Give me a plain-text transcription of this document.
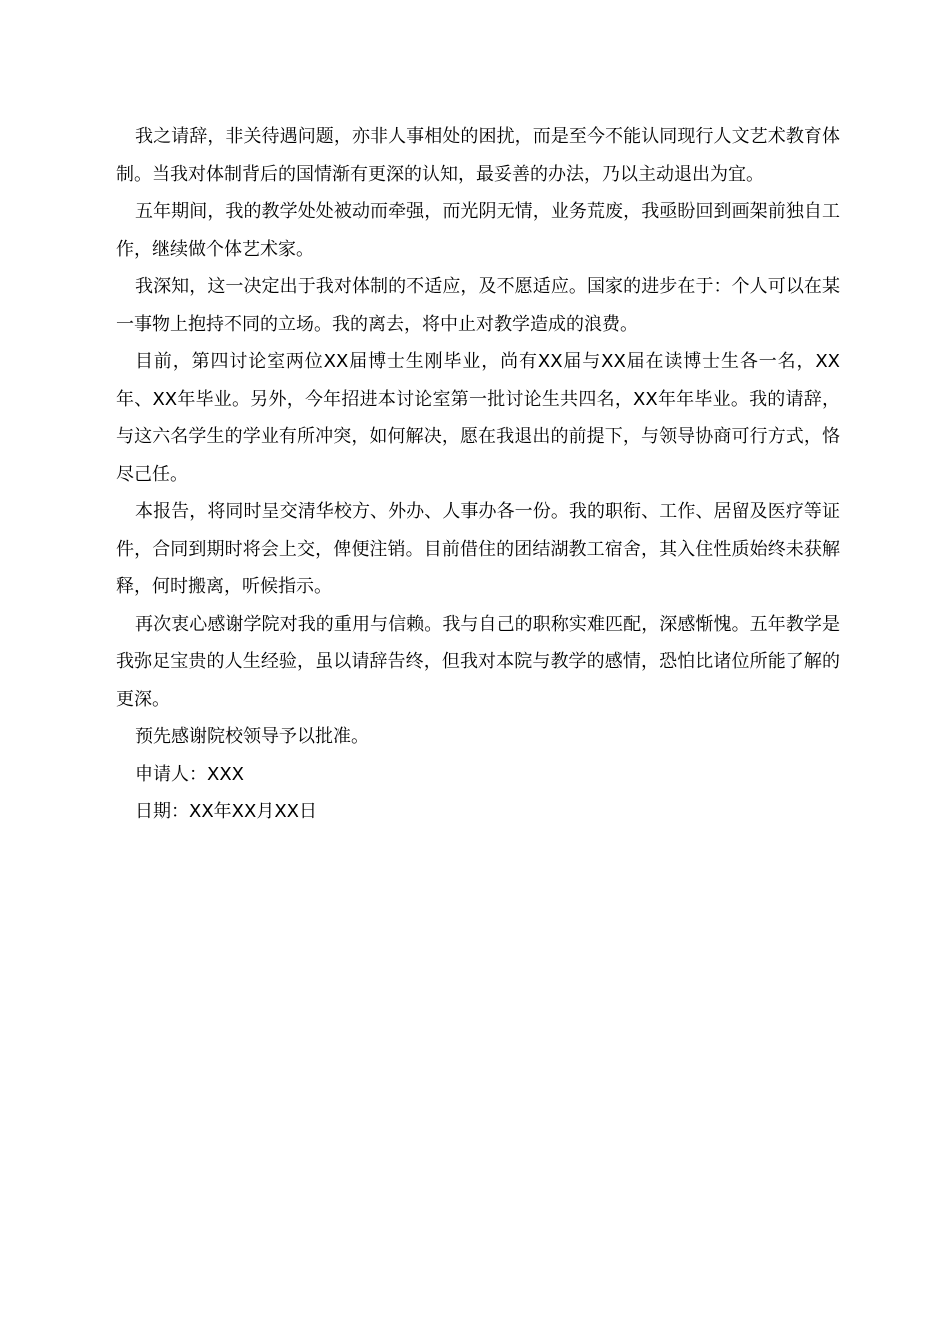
我之请辞，非关待遇问题，亦非人事相处的困扰，而是至今不能认同现行人文艺术教育体制。当我对体制背后的国情渐有更深的认知，最妥善的办法，乃以主动退出为宜。

五年期间，我的教学处处被动而牵强，而光阴无情，业务荒废，我亟盼回到画架前独自工作，继续做个体艺术家。

我深知，这一决定出于我对体制的不适应，及不愿适应。国家的进步在于：个人可以在某一事物上抱持不同的立场。我的离去，将中止对教学造成的浪费。

目前，第四讨论室两位XX届博士生刚毕业，尚有XX届与XX届在读博士生各一名，XX年、XX年毕业。另外，今年招进本讨论室第一批讨论生共四名，XX年年毕业。我的请辞，与这六名学生的学业有所冲突，如何解决，愿在我退出的前提下，与领导协商可行方式，恪尽己任。

本报告，将同时呈交清华校方、外办、人事办各一份。我的职衔、工作、居留及医疗等证件，合同到期时将会上交，俾便注销。目前借住的团结湖教工宿舍，其入住性质始终未获解释，何时搬离，听候指示。

再次衷心感谢学院对我的重用与信赖。我与自己的职称实难匹配，深感惭愧。五年教学是我弥足宝贵的人生经验，虽以请辞告终，但我对本院与教学的感情，恐怕比诸位所能了解的更深。

预先感谢院校领导予以批准。

申请人：XXX

日期：XX年XX月XX日
